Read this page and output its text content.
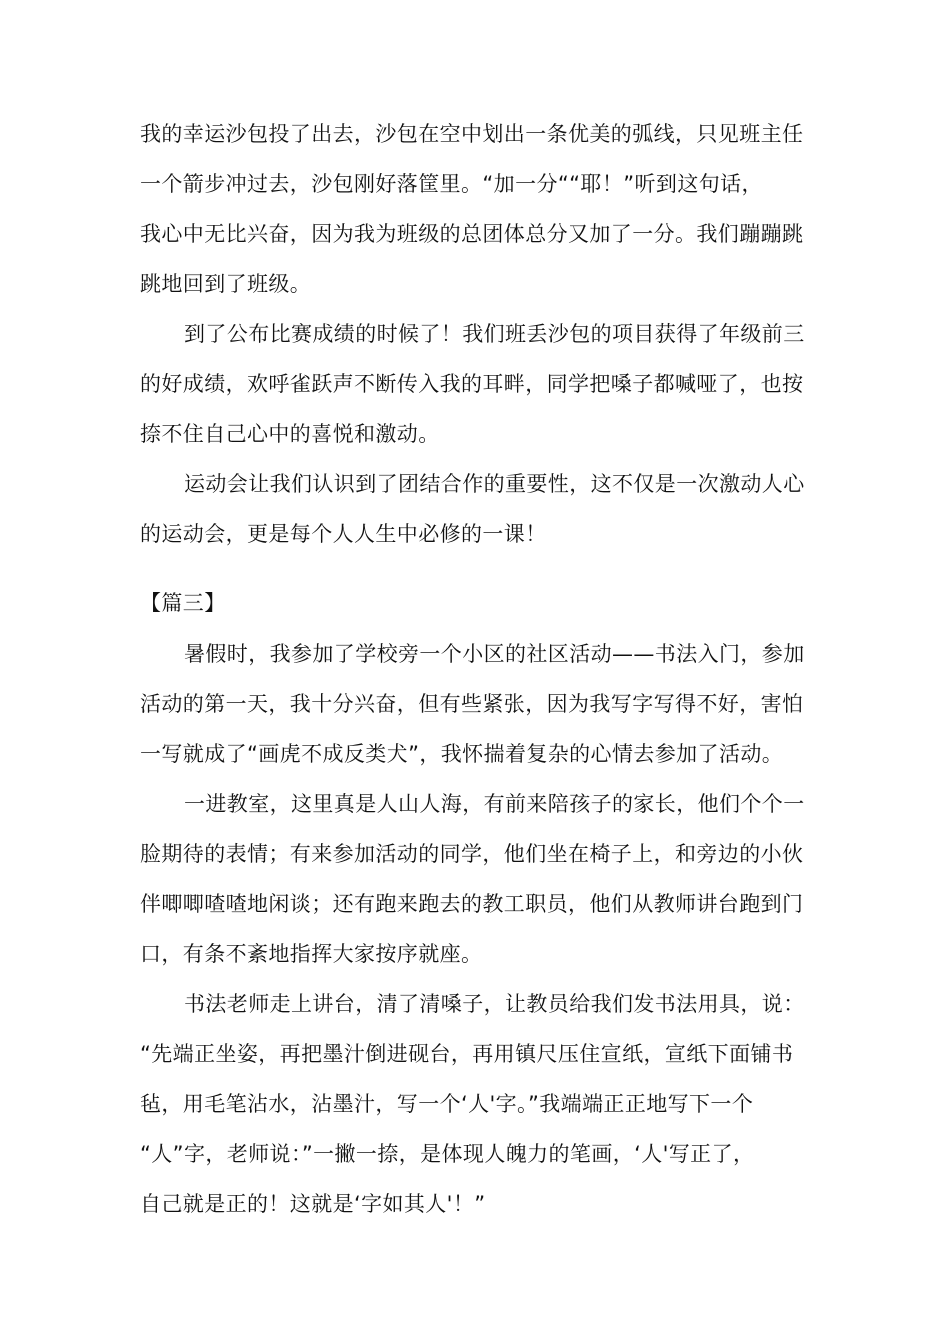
我的幸运沙包投了出去，沙包在空中划出一条优美的弧线，只见班主任
一个箭步冲过去，沙包刚好落筐里。“加一分““耶！”听到这句话，
我心中无比兴奋，因为我为班级的总团体总分又加了一分。我们蹦蹦跳
跳地回到了班级。
到了公布比赛成绩的时候了！我们班丢沙包的项目获得了年级前三
的好成绩，欢呼雀跃声不断传入我的耳畔，同学把嗓子都喊哑了，也按
捺不住自己心中的喜悦和激动。
运动会让我们认识到了团结合作的重要性，这不仅是一次激动人心
的运动会，更是每个人人生中必修的一课！
【篇三】
暑假时，我参加了学校旁一个小区的社区活动——书法入门，参加
活动的第一天，我十分兴奋，但有些紧张，因为我写字写得不好，害怕
一写就成了“画虎不成反类犬”，我怀揣着复杂的心情去参加了活动。
一进教室，这里真是人山人海，有前来陪孩子的家长，他们个个一
脸期待的表情；有来参加活动的同学，他们坐在椅子上，和旁边的小伙
伴唧唧喳喳地闲谈；还有跑来跑去的教工职员，他们从教师讲台跑到门
口，有条不紊地指挥大家按序就座。
书法老师走上讲台，清了清嗓子，让教员给我们发书法用具，说：
“先端正坐姿，再把墨汁倒进砚台，再用镇尺压住宣纸，宣纸下面铺书
毡，用毛笔沾水，沾墨汁，写一个‘人'字。”我端端正正地写下一个
“人”字，老师说：”一撇一捺，是体现人魄力的笔画，‘人'写正了，
自己就是正的！这就是‘字如其人'！”
